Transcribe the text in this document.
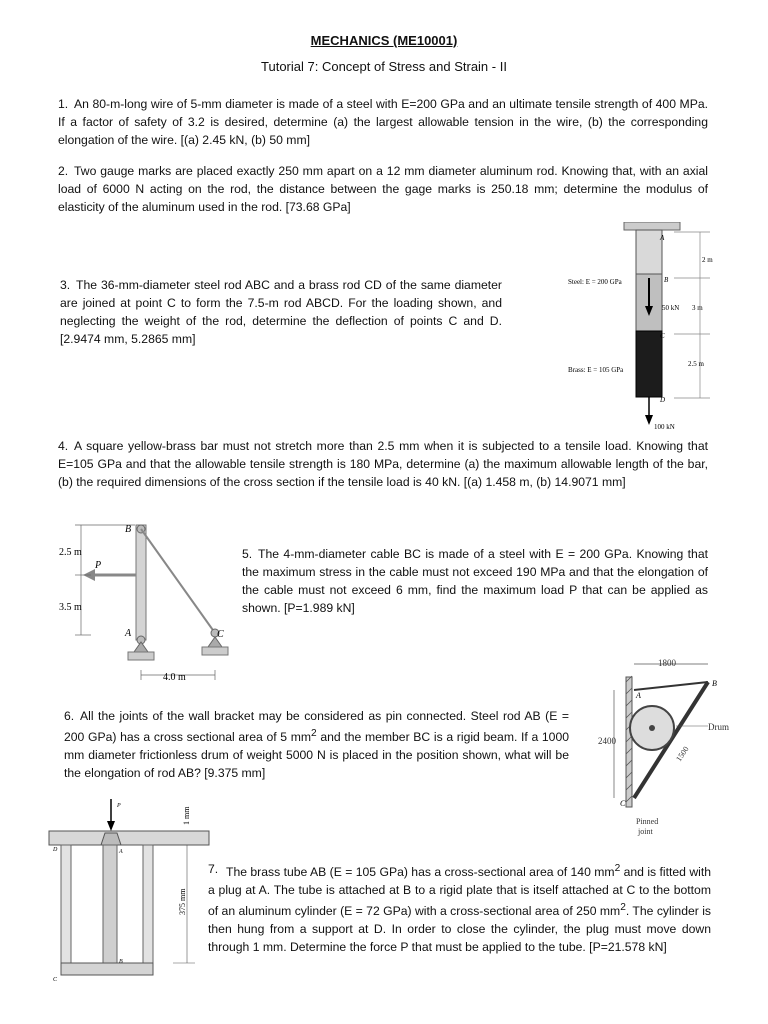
MECHANICS (ME10001)
Tutorial 7: Concept of Stress and Strain - II
1. An 80-m-long wire of 5-mm diameter is made of a steel with E=200 GPa and an ultimate tensile strength of 400 MPa. If a factor of safety of 3.2 is desired, determine (a) the largest allowable tension in the wire, (b) the corresponding elongation of the wire. [(a) 2.45 kN, (b) 50 mm]
2. Two gauge marks are placed exactly 250 mm apart on a 12 mm diameter aluminum rod. Knowing that, with an axial load of 6000 N acting on the rod, the distance between the gage marks is 250.18 mm; determine the modulus of elasticity of the aluminum used in the rod. [73.68 GPa]
3. The 36-mm-diameter steel rod ABC and a brass rod CD of the same diameter are joined at point C to form the 7.5-m rod ABCD. For the loading shown, and neglecting the weight of the rod, determine the deflection of points C and D. [2.9474 mm, 5.2865 mm]
A
B
C
D
Steel: E = 200 GPa
Brass: E = 105 GPa
2 m
3 m
2.5 m
50 kN
100 kN
4. A square yellow-brass bar must not stretch more than 2.5 mm when it is subjected to a tensile load. Knowing that E=105 GPa and that the allowable tensile strength is 180 MPa, determine (a) the maximum allowable length of the bar, (b) the required dimensions of the cross section if the tensile load is 40 kN. [(a) 1.458 m, (b) 14.9071 mm]
B
A	C
P
2.5 m
3.5 m
4.0 m
5. The 4-mm-diameter cable BC is made of a steel with E = 200 GPa. Knowing that the maximum stress in the cable must not exceed 190 MPa and that the elongation of the cable must not exceed 6 mm, find the maximum load P that can be applied as shown. [P=1.989 kN]
6. All the joints of the wall bracket may be considered as pin connected. Steel rod AB (E = 200 GPa) has a cross sectional area of 5 $mm^2$ and the member BC is a rigid beam. If a 1000 mm diameter frictionless drum of weight 5000 N is placed in the position shown, what will be the elongation of rod AB? [9.375 mm]
A
B
C
1800
2400
1500
Drum
Pinned
joint
P
A
B
C
D
1 mm
375 mm
7. The brass tube AB (E = 105 GPa) has a cross-sectional area of 140 $mm^2$ and is fitted with a plug at A. The tube is attached at B to a rigid plate that is itself attached at C to the bottom of an aluminum cylinder (E = 72 GPa) with a cross-sectional area of 250 $mm^2$. The cylinder is then hung from a support at D. In order to close the cylinder, the plug must move down through 1 mm. Determine the force P that must be applied to the tube. [P=21.578 kN]
